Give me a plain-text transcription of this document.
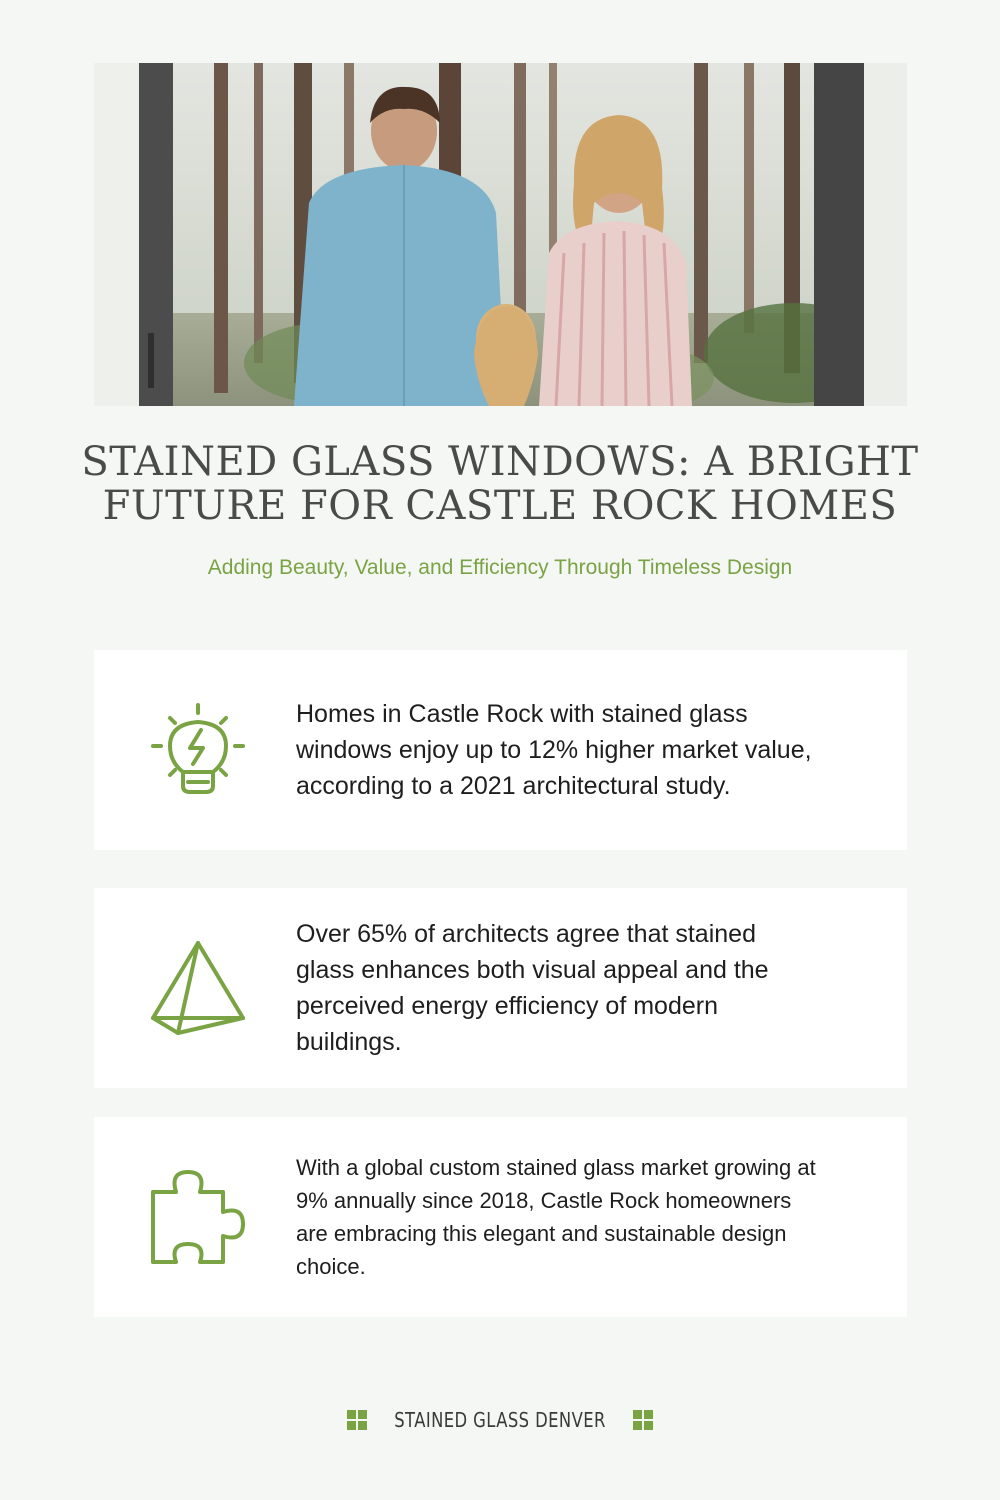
STAINED GLASS WINDOWS: A BRIGHT FUTURE FOR CASTLE ROCK HOMES

Adding Beauty, Value, and Efficiency Through Timeless Design

Homes in Castle Rock with stained glass windows enjoy up to 12% higher market value, according to a 2021 architectural study.

Over 65% of architects agree that stained glass enhances both visual appeal and the perceived energy efficiency of modern buildings.

With a global custom stained glass market growing at 9% annually since 2018, Castle Rock homeowners are embracing this elegant and sustainable design choice.

STAINED GLASS DENVER
